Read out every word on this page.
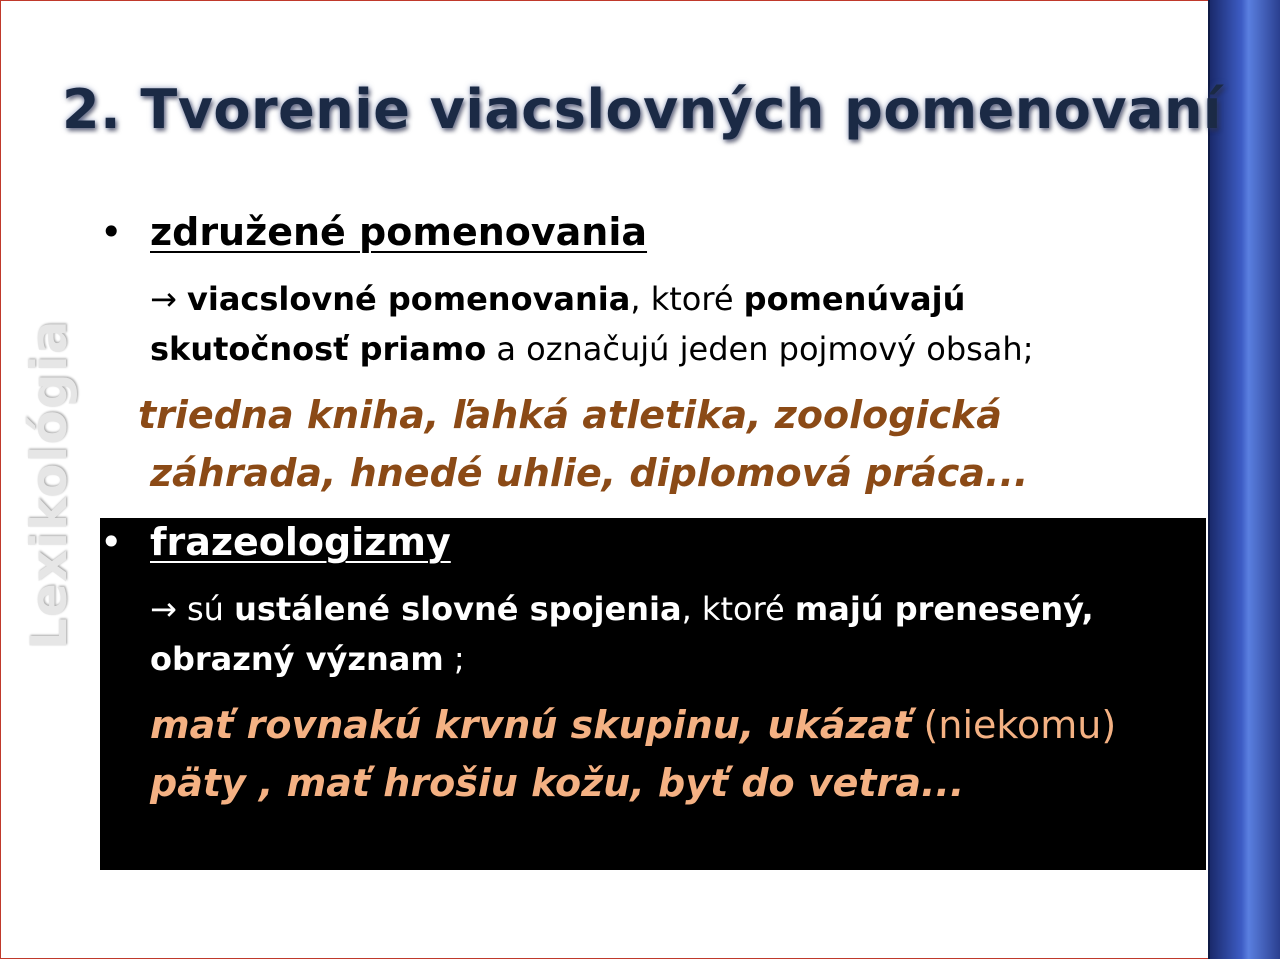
2. Tvorenie viacslovných pomenovaní
Lexikológia
• združené pomenovania
→ viacslovné pomenovania, ktoré pomenúvajú
skutočnosť priamo a označujú jeden pojmový obsah;
triedna kniha, ľahká atletika, zoologická
záhrada, hnedé uhlie, diplomová práca...
• frazeologizmy
→ sú ustálené slovné spojenia, ktoré majú prenesený,
obrazný význam ;
mať rovnakú krvnú skupinu, ukázať (niekomu)
päty , mať hrošiu kožu, byť do vetra...
